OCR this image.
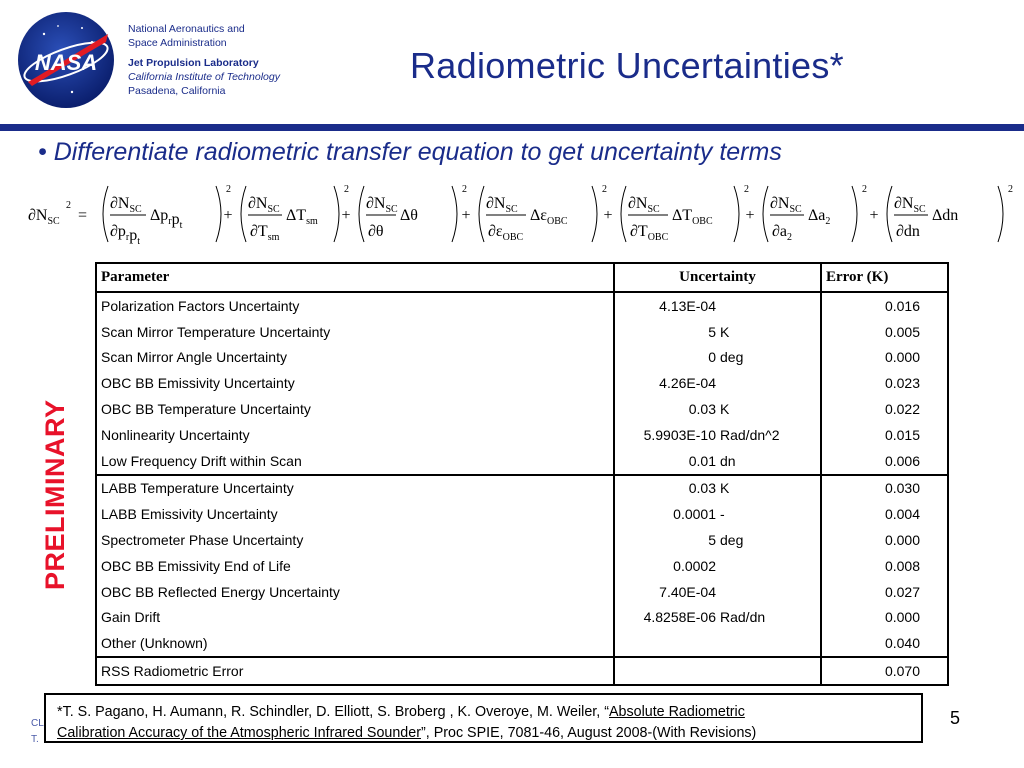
NASA
National Aeronautics and
Space Administration
Jet Propulsion Laboratory
California Institute of Technology
Pasadena, California
Radiometric Uncertainties*
• Differentiate radiometric transfer equation to get uncertainty terms
$\partial N_{SC}$
2
=
$\partial N_{SC}$
$\partial p_rp_t$
$\Delta p_rp_t$
2
+
$\partial N_{SC}$
$\partial T_{sm}$
$\Delta T_{sm}$
2
+
$\partial N_{SC}$
∂θ
Δθ
2
+
$\partial N_{SC}$
$\partial\varepsilon_{OBC}$
$\Delta\varepsilon_{OBC}$
2
+
$\partial N_{SC}$
$\partial T_{OBC}$
$\Delta T_{OBC}$
2
+
$\partial N_{SC}$
$\partial a_2$
$\Delta a_2$
2
+
$\partial N_{SC}$
∂dn
Δdn
2
PRELIMINARY
Parameter	Uncertainty		Error (K)
Polarization Factors Uncertainty	4.13E-04		0.016
Scan Mirror Temperature Uncertainty	5	K	0.005
Scan Mirror Angle Uncertainty	0	deg	0.000
OBC BB Emissivity Uncertainty	4.26E-04		0.023
OBC BB Temperature Uncertainty	0.03	K	0.022
Nonlinearity Uncertainty	5.9903E-10	Rad/dn^2	0.015
Low Frequency Drift within Scan	0.01	dn	0.006
LABB Temperature Uncertainty	0.03	K	0.030
LABB Emissivity Uncertainty	0.0001	-	0.004
Spectrometer Phase Uncertainty	5	deg	0.000
OBC BB Emissivity End of Life	0.0002		0.008
OBC BB Reflected Energy Uncertainty	7.40E-04		0.027
Gain Drift	4.8258E-06	Rad/dn	0.000
Other (Unknown)			0.040
RSS Radiometric Error			0.070
*T. S. Pagano, H. Aumann, R. Schindler, D. Elliott, S. Broberg , K. Overoye, M. Weiler, “Absolute Radiometric
Calibration Accuracy of the Atmospheric Infrared Sounder”, Proc SPIE, 7081-46, August 2008-(With Revisions)
CL
T.
5
